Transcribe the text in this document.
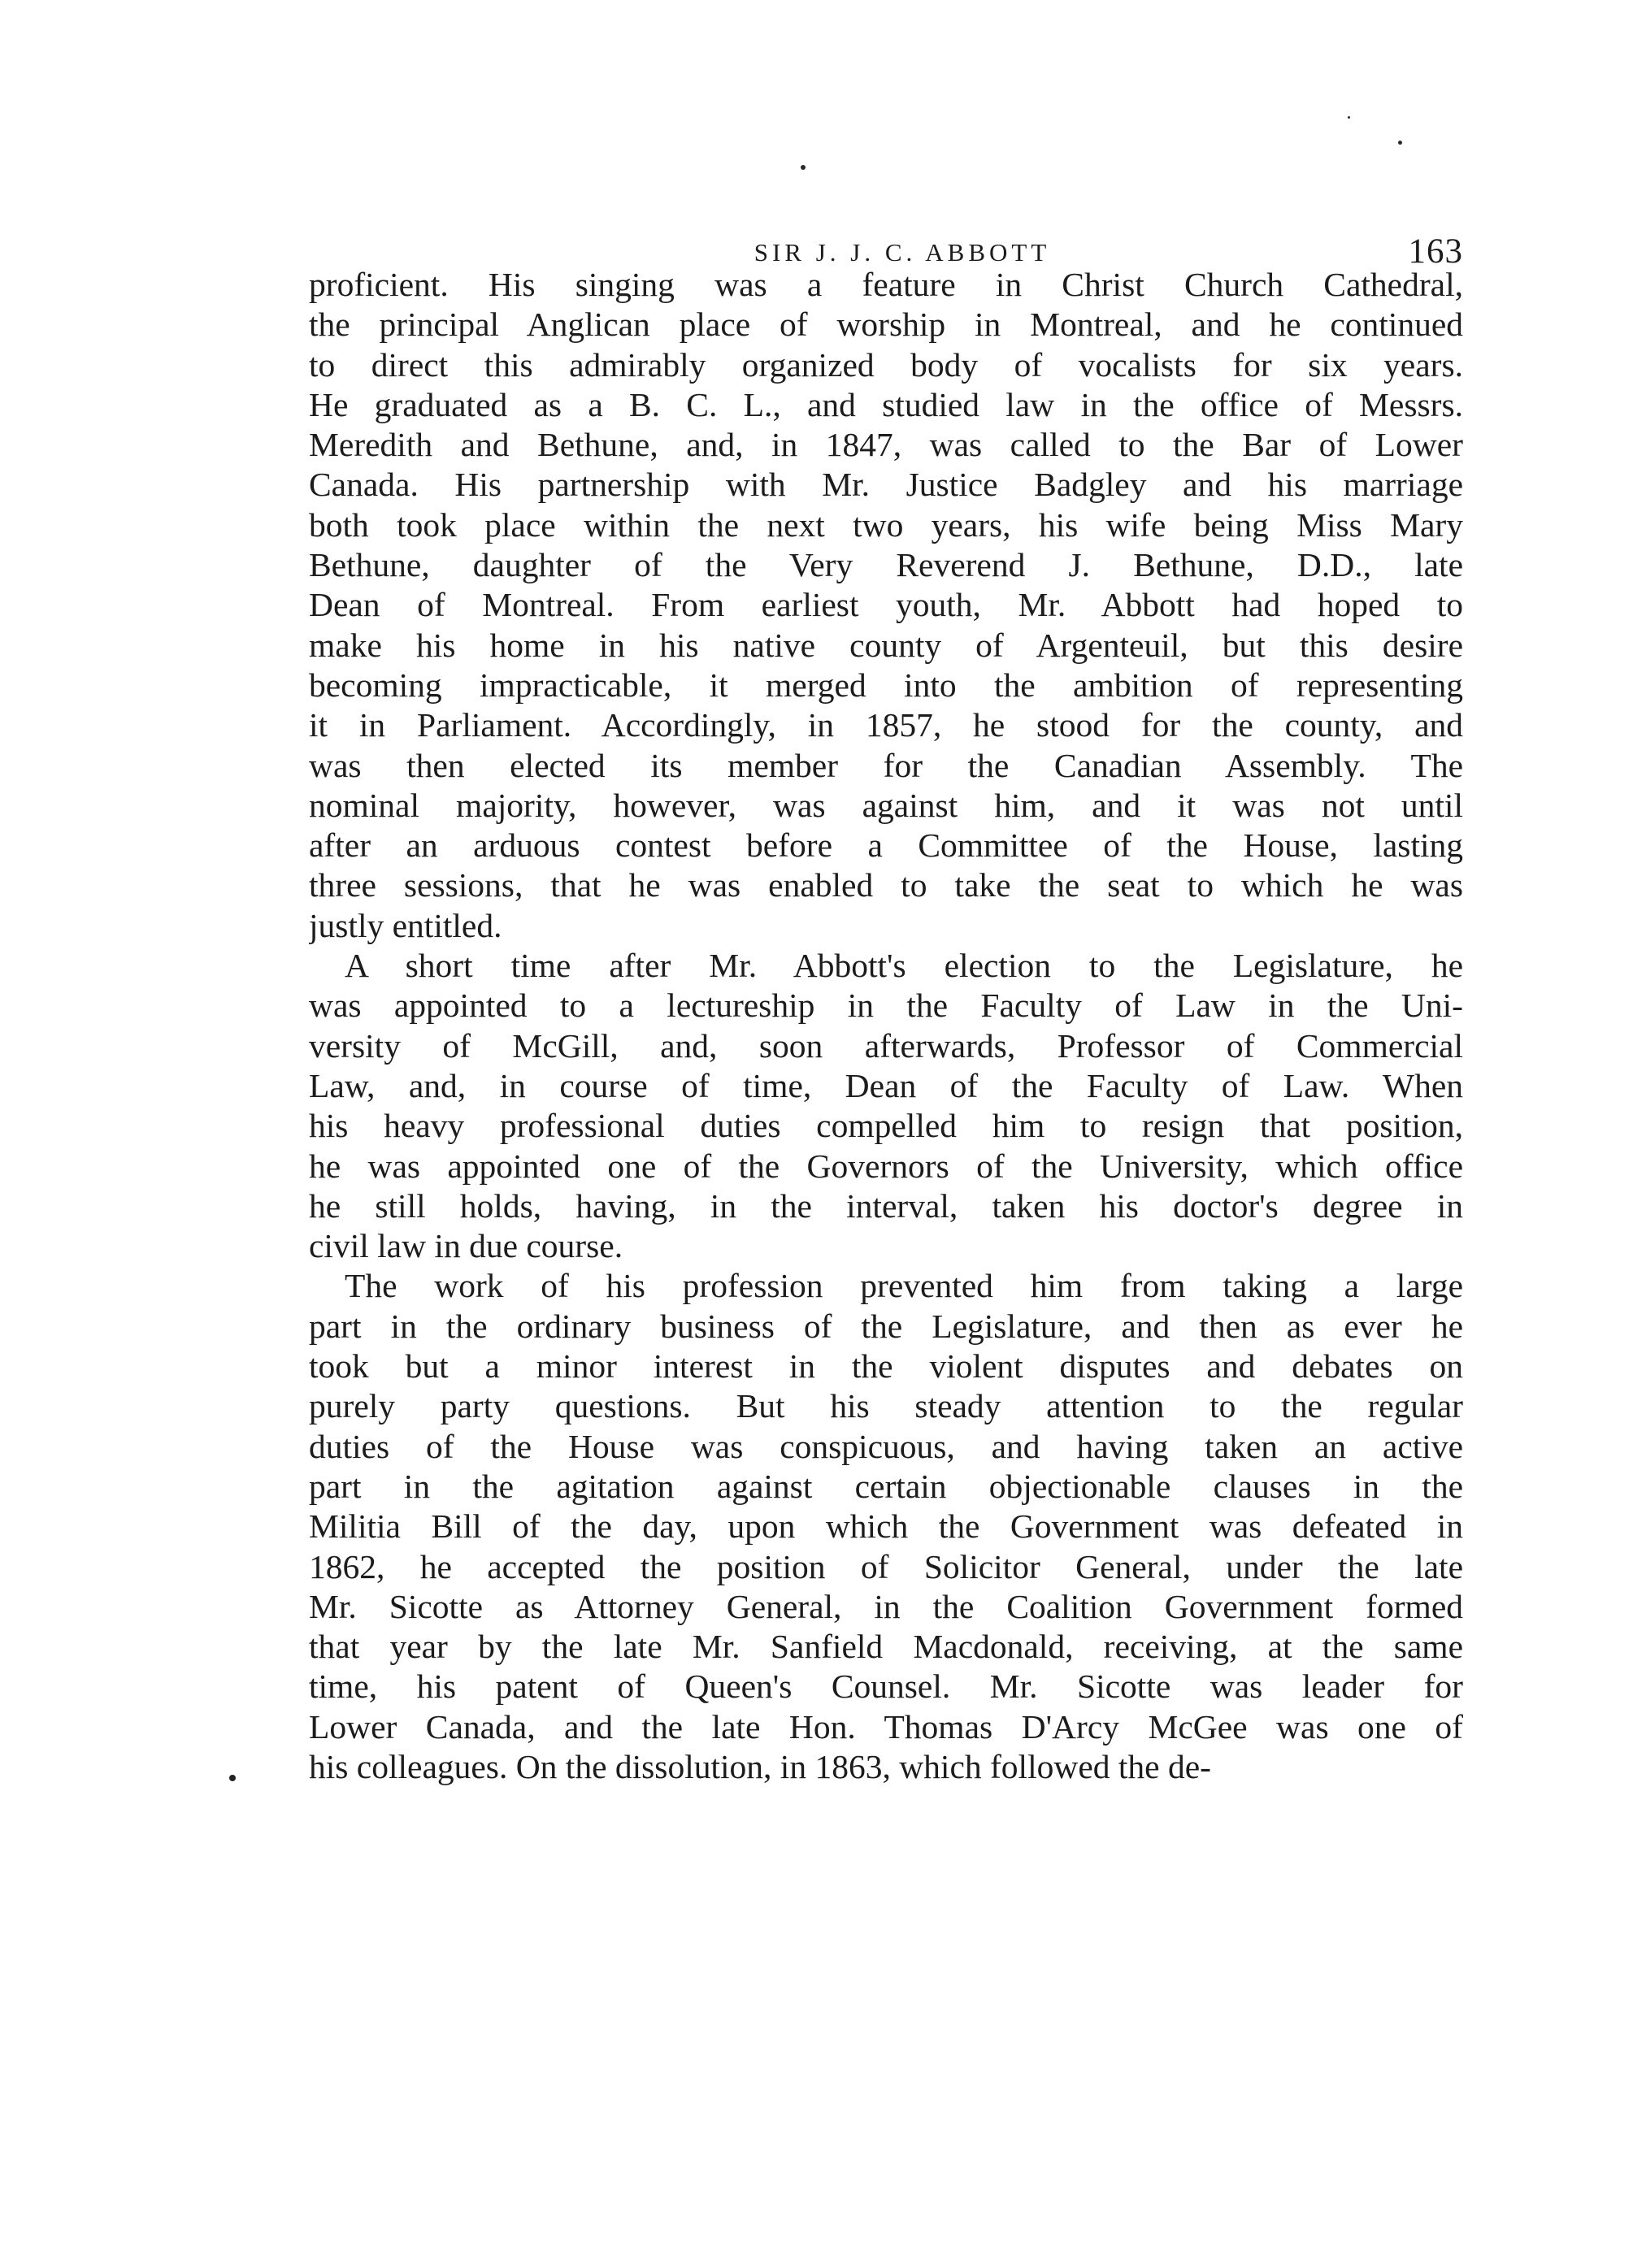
SIR J. J. C. ABBOTT	163
proficient. His singing was a feature in Christ Church Cathedral,
the principal Anglican place of worship in Montreal, and he continued
to direct this admirably organized body of vocalists for six years.
He graduated as a B. C. L., and studied law in the office of Messrs.
Meredith and Bethune, and, in 1847, was called to the Bar of Lower
Canada. His partnership with Mr. Justice Badgley and his marriage
both took place within the next two years, his wife being Miss Mary
Bethune, daughter of the Very Reverend J. Bethune, D.D., late
Dean of Montreal. From earliest youth, Mr. Abbott had hoped to
make his home in his native county of Argenteuil, but this desire
becoming impracticable, it merged into the ambition of representing
it in Parliament. Accordingly, in 1857, he stood for the county, and
was then elected its member for the Canadian Assembly. The
nominal majority, however, was against him, and it was not until
after an arduous contest before a Committee of the House, lasting
three sessions, that he was enabled to take the seat to which he was
justly entitled.
A short time after Mr. Abbott's election to the Legislature, he
was appointed to a lectureship in the Faculty of Law in the Uni-
versity of McGill, and, soon afterwards, Professor of Commercial
Law, and, in course of time, Dean of the Faculty of Law. When
his heavy professional duties compelled him to resign that position,
he was appointed one of the Governors of the University, which office
he still holds, having, in the interval, taken his doctor's degree in
civil law in due course.
The work of his profession prevented him from taking a large
part in the ordinary business of the Legislature, and then as ever he
took but a minor interest in the violent disputes and debates on
purely party questions. But his steady attention to the regular
duties of the House was conspicuous, and having taken an active
part in the agitation against certain objectionable clauses in the
Militia Bill of the day, upon which the Government was defeated in
1862, he accepted the position of Solicitor General, under the late
Mr. Sicotte as Attorney General, in the Coalition Government formed
that year by the late Mr. Sanfield Macdonald, receiving, at the same
time, his patent of Queen's Counsel. Mr. Sicotte was leader for
Lower Canada, and the late Hon. Thomas D'Arcy McGee was one of
his colleagues. On the dissolution, in 1863, which followed the de-
